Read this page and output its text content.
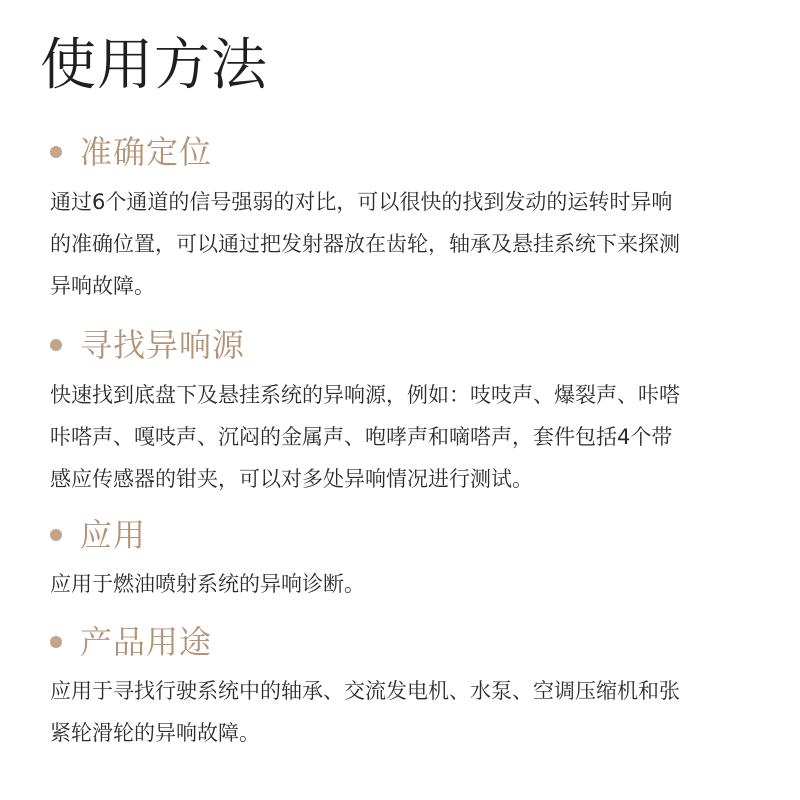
使用方法
准确定位

通过6个通道的信号强弱的对比，可以很快的找到发动的运转时异响
的准确位置，可以通过把发射器放在齿轮，轴承及悬挂系统下来探测
异响故障。

寻找异响源

快速找到底盘下及悬挂系统的异响源，例如：吱吱声、爆裂声、咔嗒
咔嗒声、嘎吱声、沉闷的金属声、咆哮声和嘀嗒声，套件包括4个带
感应传感器的钳夹，可以对多处异响情况进行测试。

应用

应用于燃油喷射系统的异响诊断。

产品用途

应用于寻找行驶系统中的轴承、交流发电机、水泵、空调压缩机和张
紧轮滑轮的异响故障。
